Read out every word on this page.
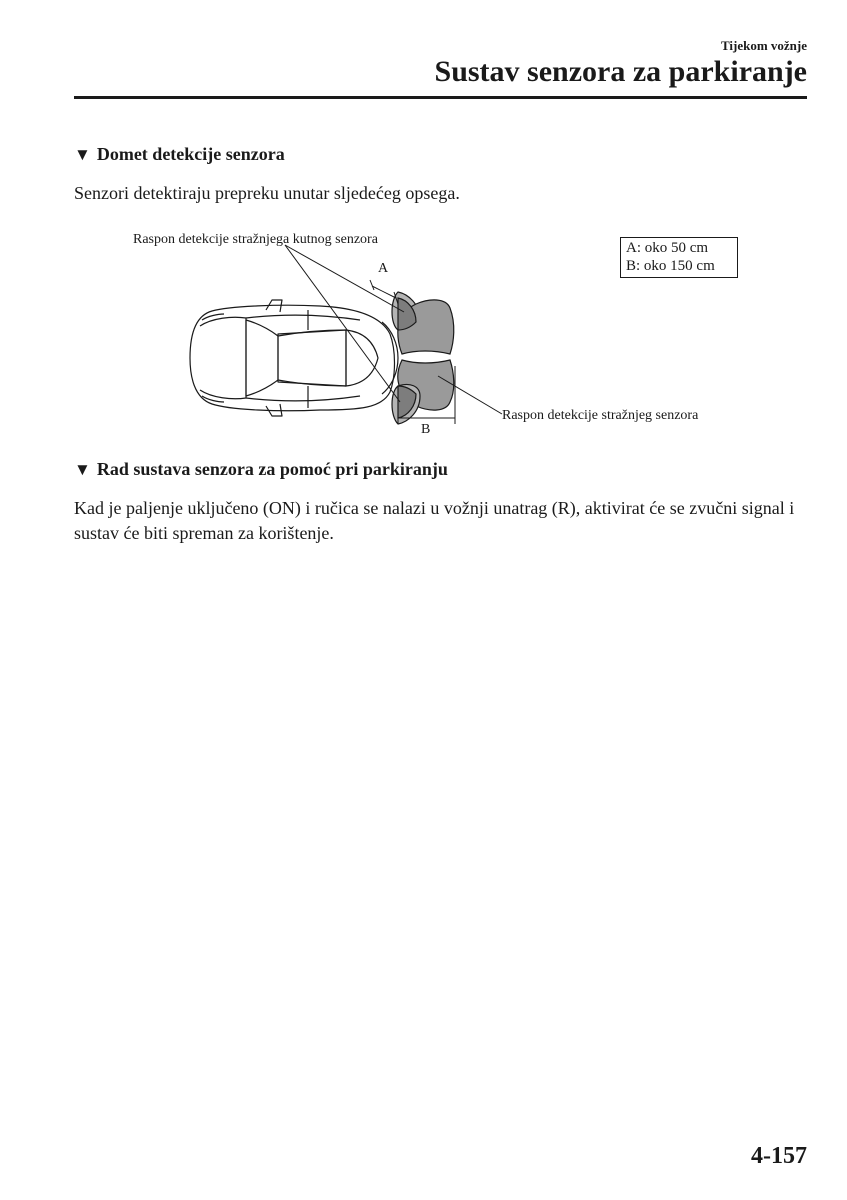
Tijekom vožnje
Sustav senzora za parkiranje
▼ Domet detekcije senzora
Senzori detektiraju prepreku unutar sljedećeg opsega.
Raspon detekcije stražnjega kutnog senzora
A
Raspon detekcije stražnjeg senzora
B
A: oko 50 cm
B: oko 150 cm
▼ Rad sustava senzora za pomoć pri parkiranju
Kad je paljenje uključeno (ON) i ručica se nalazi u vožnji unatrag (R), aktivirat će se zvučni signal i sustav će biti spreman za korištenje.
4-157
